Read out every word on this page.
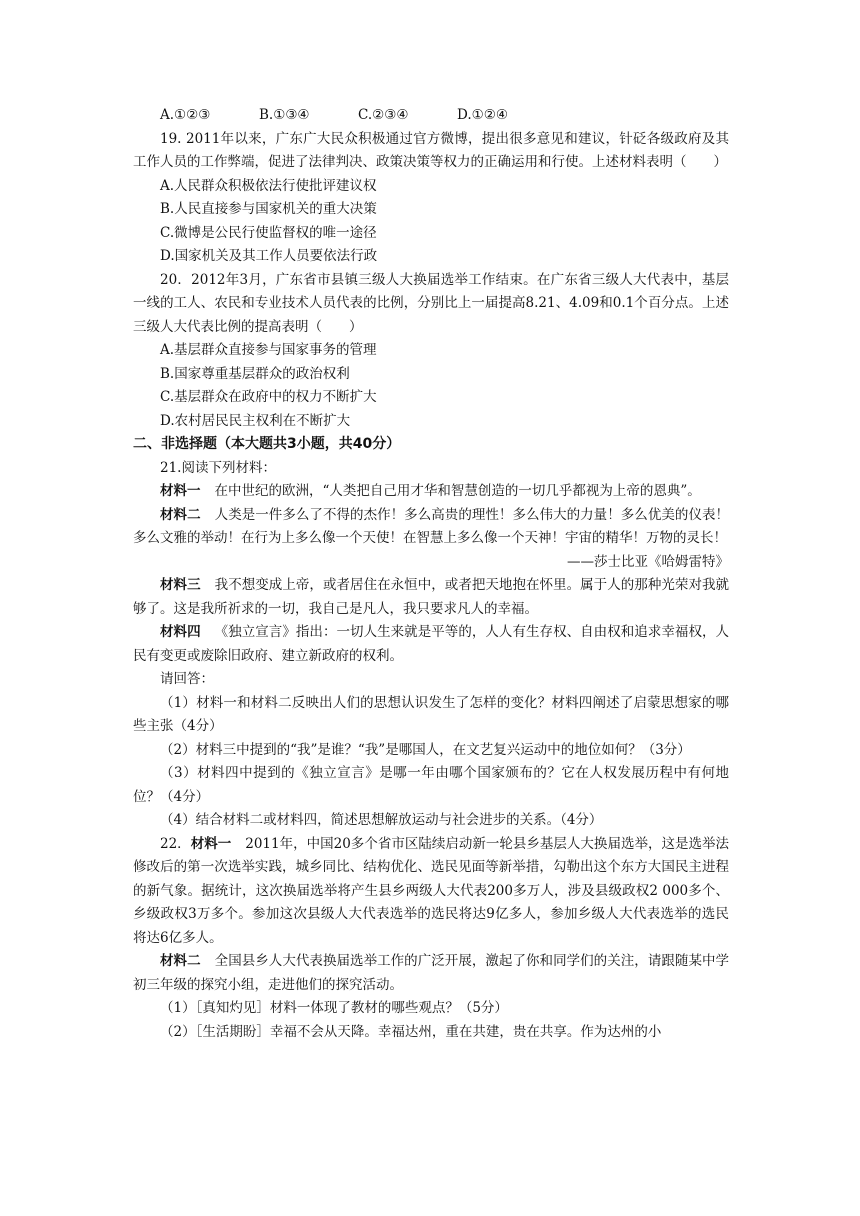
A.①②③	B.①③④	C.②③④	D.①②④

19. 2011年以来，广东广大民众积极通过官方微博，提出很多意见和建议，针砭各级政府及其工作人员的工作弊端，促进了法律判决、政策决策等权力的正确运用和行使。上述材料表明（　　）

A.人民群众积极依法行使批评建议权

B.人民直接参与国家机关的重大决策

C.微博是公民行使监督权的唯一途径

D.国家机关及其工作人员要依法行政

20．2012年3月，广东省市县镇三级人大换届选举工作结束。在广东省三级人大代表中，基层一线的工人、农民和专业技术人员代表的比例，分别比上一届提高8.21、4.09和0.1个百分点。上述三级人大代表比例的提高表明（　　）

A.基层群众直接参与国家事务的管理

B.国家尊重基层群众的政治权利

C.基层群众在政府中的权力不断扩大

D.农村居民民主权利在不断扩大

二、非选择题（本大题共3小题，共40分）

21.阅读下列材料：

材料一 在中世纪的欧洲，“人类把自己用才华和智慧创造的一切几乎都视为上帝的恩典”。

材料二 人类是一件多么了不得的杰作！多么高贵的理性！多么伟大的力量！多么优美的仪表！多么文雅的举动！在行为上多么像一个天使！在智慧上多么像一个天神！宇宙的精华！万物的灵长！

——莎士比亚《哈姆雷特》

材料三 我不想变成上帝，或者居住在永恒中，或者把天地抱在怀里。属于人的那种光荣对我就够了。这是我所祈求的一切，我自己是凡人，我只要求凡人的幸福。

材料四 《独立宣言》指出：一切人生来就是平等的，人人有生存权、自由权和追求幸福权，人民有变更或废除旧政府、建立新政府的权利。

请回答：

（1）材料一和材料二反映出人们的思想认识发生了怎样的变化？材料四阐述了启蒙思想家的哪些主张（4分）

（2）材料三中提到的“我”是谁？“我”是哪国人，在文艺复兴运动中的地位如何？（3分）

（3）材料四中提到的《独立宣言》是哪一年由哪个国家颁布的？它在人权发展历程中有何地位？（4分）

（4）结合材料二或材料四，简述思想解放运动与社会进步的关系。（4分）

22．材料一 2011年，中国20多个省市区陆续启动新一轮县乡基层人大换届选举，这是选举法修改后的第一次选举实践，城乡同比、结构优化、选民见面等新举措，勾勒出这个东方大国民主进程的新气象。据统计，这次换届选举将产生县乡两级人大代表200多万人，涉及县级政权2 000多个、乡级政权3万多个。参加这次县级人大代表选举的选民将达9亿多人，参加乡级人大代表选举的选民将达6亿多人。

材料二 全国县乡人大代表换届选举工作的广泛开展，激起了你和同学们的关注，请跟随某中学初三年级的探究小组，走进他们的探究活动。

（1）［真知灼见］材料一体现了教材的哪些观点？（5分）

（2）［生活期盼］幸福不会从天降。幸福达州，重在共建，贵在共享。作为达州的小
